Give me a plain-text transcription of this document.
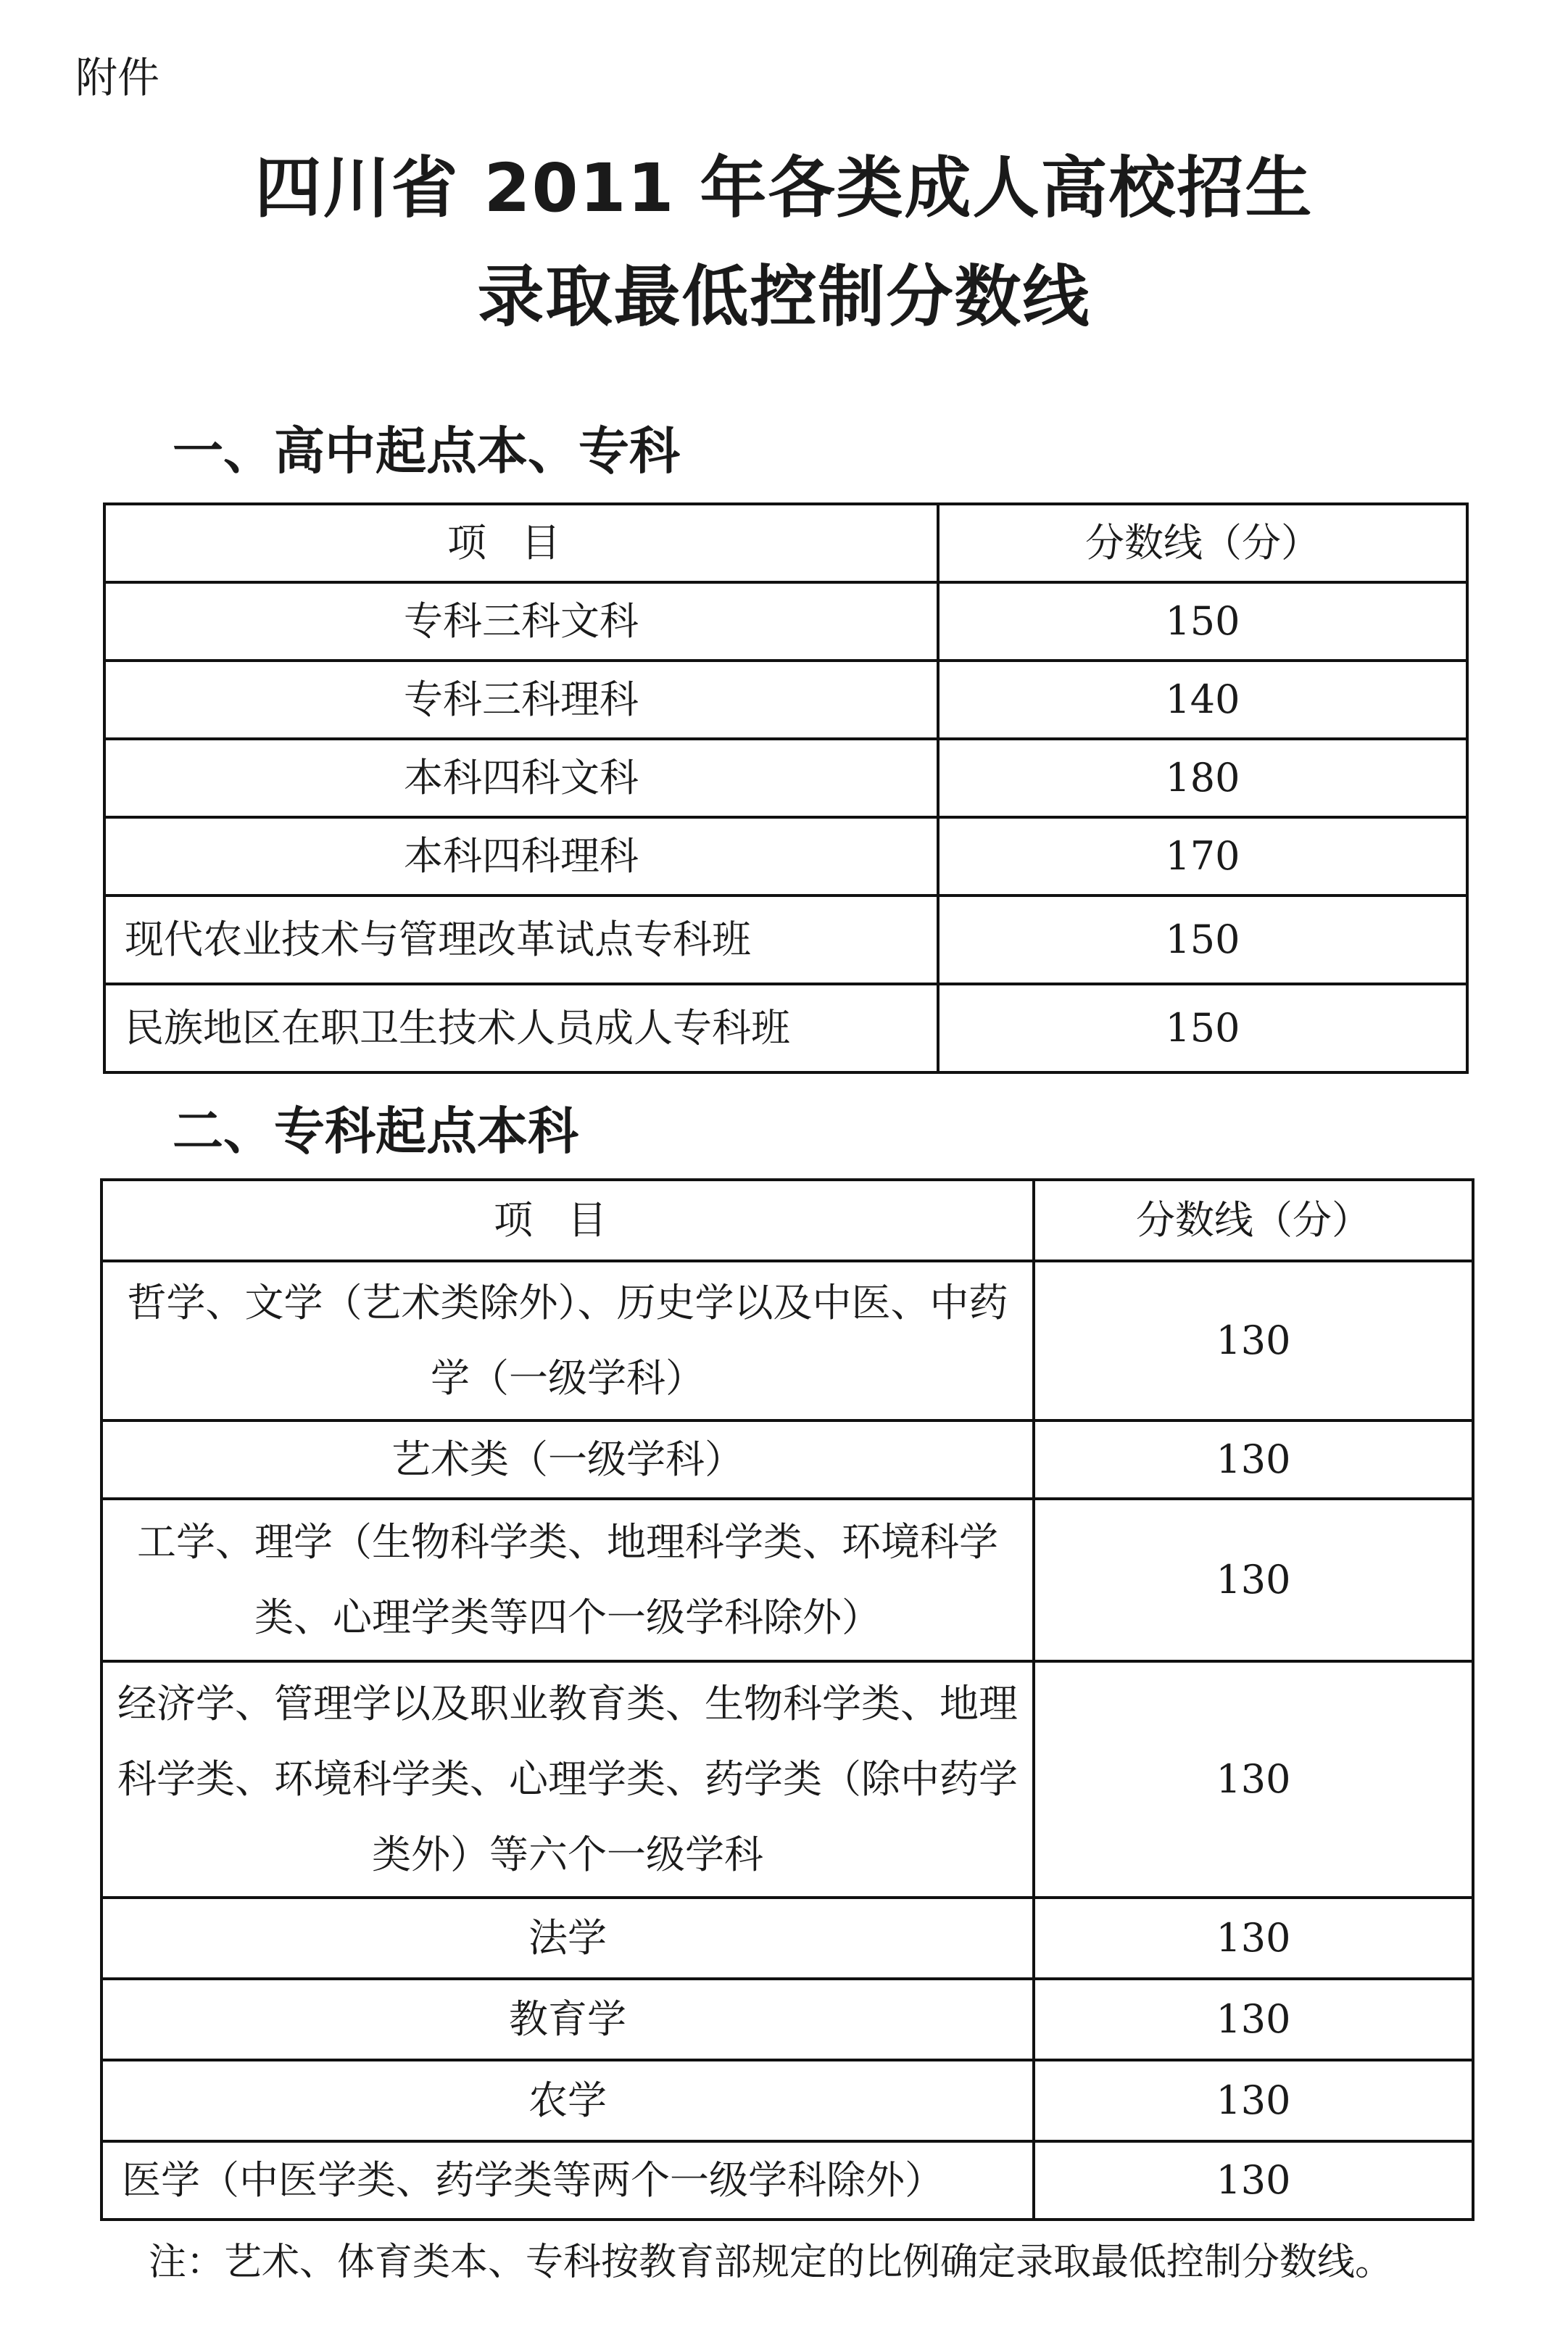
附件
四川省 2011 年各类成人高校招生
录取最低控制分数线
一、高中起点本、专科
项目	分数线（分）
专科三科文科	150
专科三科理科	140
本科四科文科	180
本科四科理科	170
现代农业技术与管理改革试点专科班	150
民族地区在职卫生技术人员成人专科班	150
二、专科起点本科
项目	分数线（分）
哲学、文学（艺术类除外）、历史学以及中医、中药学（一级学科）	130
艺术类（一级学科）	130
工学、理学（生物科学类、地理科学类、环境科学类、心理学类等四个一级学科除外）	130
经济学、管理学以及职业教育类、生物科学类、地理科学类、环境科学类、心理学类、药学类（除中药学类外）等六个一级学科	130
法学	130
教育学	130
农学	130
医学（中医学类、药学类等两个一级学科除外）	130
注：艺术、体育类本、专科按教育部规定的比例确定录取最低控制分数线。
